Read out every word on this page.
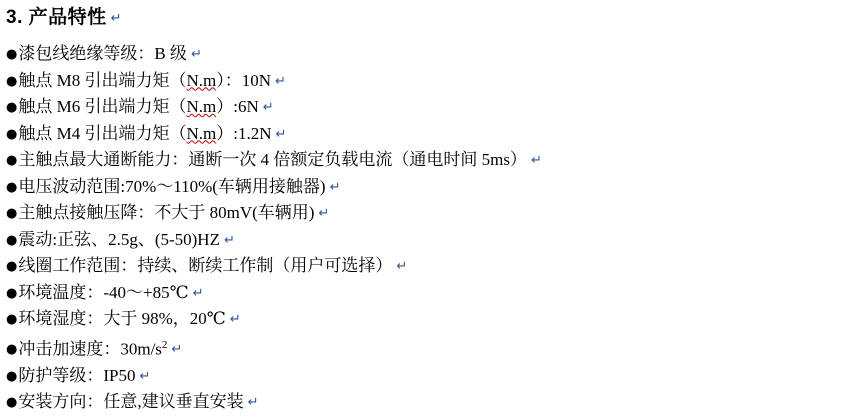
3. 产品特性 ↵
● 漆包线绝缘等级：B 级 ↵
● 触点 M8 引出端力矩（N.m）：10N ↵
● 触点 M6 引出端力矩（N.m）:6N ↵
● 触点 M4 引出端力矩（N.m）:1.2N ↵
● 主触点最大通断能力：通断一次 4 倍额定负载电流（通电时间 5ms） ↵
● 电压波动范围:70%～110%(车辆用接触器) ↵
● 主触点接触压降：不大于 80mV(车辆用) ↵
● 震动:正弦、2.5g、(5-50)HZ ↵
● 线圈工作范围：持续、断续工作制（用户可选择） ↵
● 环境温度：-40～+85℃ ↵
● 环境湿度：大于 98%，20℃ ↵
● 冲击加速度：$30m/s^2$ ↵
● 防护等级：IP50 ↵
● 安装方向：任意,建议垂直安装 ↵
